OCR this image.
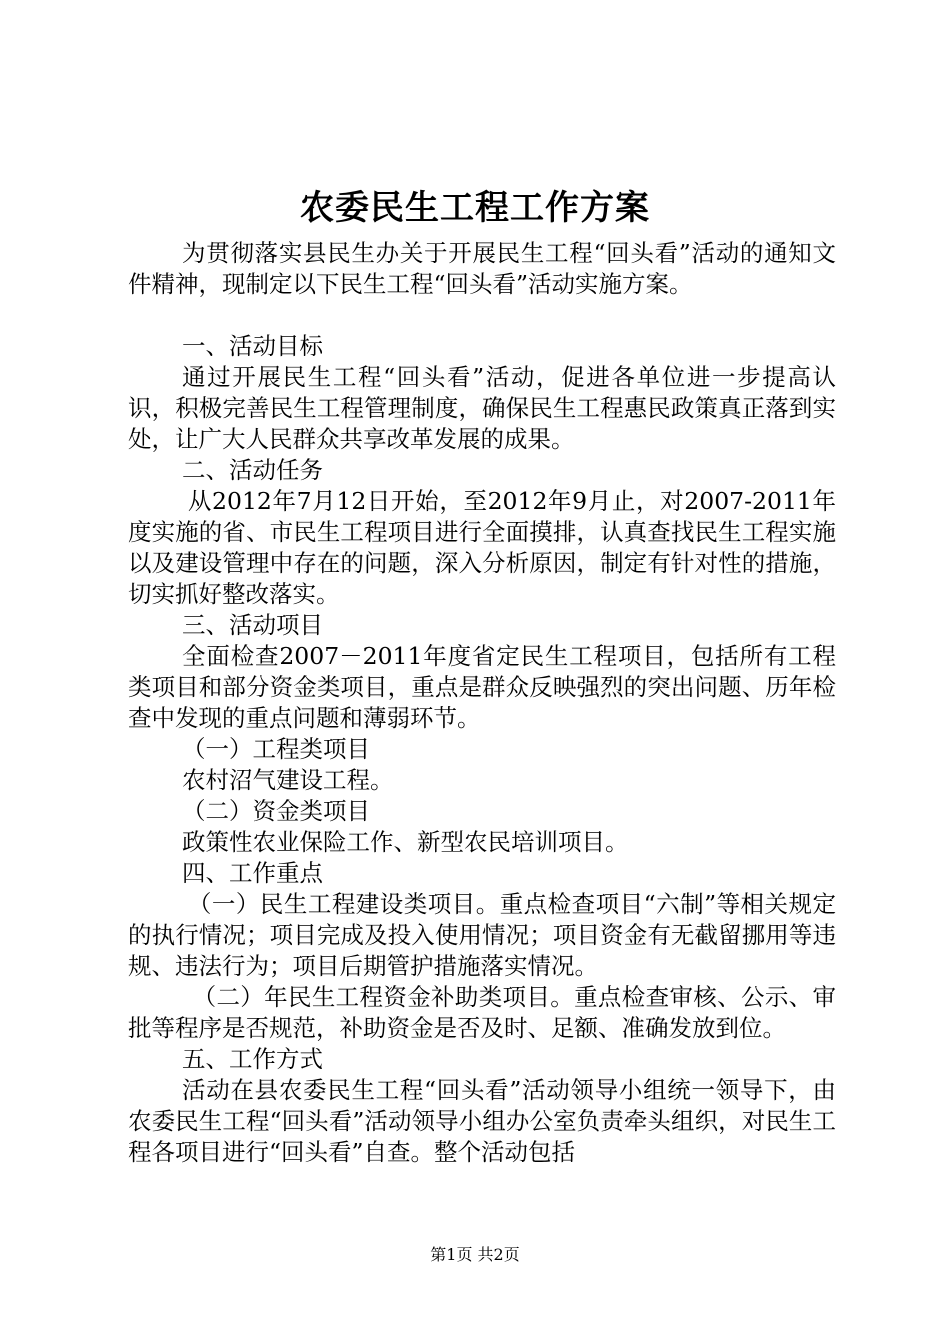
农委民生工程工作方案

为贯彻落实县民生办关于开展民生工程“回头看”活动的通知文件精神，现制定以下民生工程“回头看”活动实施方案。

一、活动目标

通过开展民生工程“回头看”活动，促进各单位进一步提高认识，积极完善民生工程管理制度，确保民生工程惠民政策真正落到实处，让广大人民群众共享改革发展的成果。

二、活动任务

从2012年7月12日开始，至2012年9月止，对2007-2011年度实施的省、市民生工程项目进行全面摸排，认真查找民生工程实施以及建设管理中存在的问题，深入分析原因，制定有针对性的措施，切实抓好整改落实。

三、活动项目

全面检查2007－2011年度省定民生工程项目，包括所有工程类项目和部分资金类项目，重点是群众反映强烈的突出问题、历年检查中发现的重点问题和薄弱环节。

（一）工程类项目

农村沼气建设工程。

（二）资金类项目

政策性农业保险工作、新型农民培训项目。

四、工作重点

（一）民生工程建设类项目。重点检查项目“六制”等相关规定的执行情况；项目完成及投入使用情况；项目资金有无截留挪用等违规、违法行为；项目后期管护措施落实情况。

（二）年民生工程资金补助类项目。重点检查审核、公示、审批等程序是否规范，补助资金是否及时、足额、准确发放到位。

五、工作方式

活动在县农委民生工程“回头看”活动领导小组统一领导下，由农委民生工程“回头看”活动领导小组办公室负责牵头组织，对民生工程各项目进行“回头看”自查。整个活动包括

第1页 共2页
